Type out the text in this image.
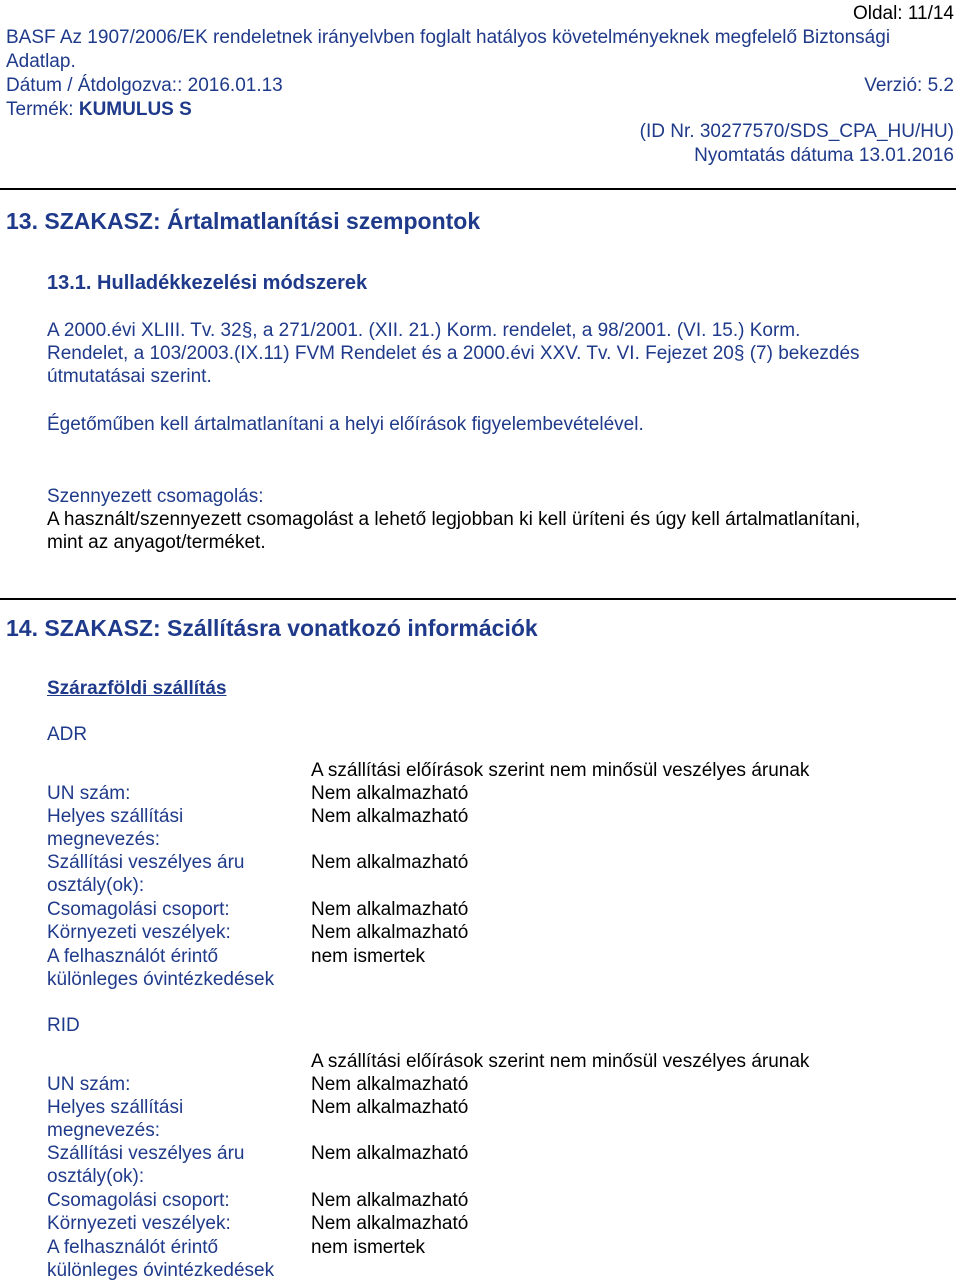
Oldal: 11/14
BASF Az 1907/2006/EK rendeletnek irányelvben foglalt hatályos követelményeknek megfelelő Biztonsági
Adatlap.
Dátum / Átdolgozva:: 2016.01.13	Verzió: 5.2
Termék: KUMULUS S
(ID Nr. 30277570/SDS_CPA_HU/HU)
Nyomtatás dátuma 13.01.2016
13. SZAKASZ: Ártalmatlanítási szempontok
13.1. Hulladékkezelési módszerek
A 2000.évi XLIII. Tv. 32§, a 271/2001. (XII. 21.) Korm. rendelet, a 98/2001. (VI. 15.) Korm.
Rendelet, a 103/2003.(IX.11) FVM Rendelet és a 2000.évi XXV. Tv. VI. Fejezet 20§ (7) bekezdés
útmutatásai szerint.
Égetőműben kell ártalmatlanítani a helyi előírások figyelembevételével.
Szennyezett csomagolás:
A használt/szennyezett csomagolást a lehető legjobban ki kell üríteni és úgy kell ártalmatlanítani,
mint az anyagot/terméket.
14. SZAKASZ: Szállításra vonatkozó információk
Szárazföldi szállítás
ADR
A szállítási előírások szerint nem minősül veszélyes árunak
UN szám:	Nem alkalmazható
Helyes szállítási megnevezés:
Nem alkalmazható
Szállítási veszélyes áru osztály(ok):
Nem alkalmazható
Csomagolási csoport:	Nem alkalmazható
Környezeti veszélyek:	Nem alkalmazható
A felhasználót érintő különleges óvintézkedések
nem ismertek
RID
A szállítási előírások szerint nem minősül veszélyes árunak
UN szám:	Nem alkalmazható
Helyes szállítási megnevezés:
Nem alkalmazható
Szállítási veszélyes áru osztály(ok):
Nem alkalmazható
Csomagolási csoport:	Nem alkalmazható
Környezeti veszélyek:	Nem alkalmazható
A felhasználót érintő különleges óvintézkedések
nem ismertek
